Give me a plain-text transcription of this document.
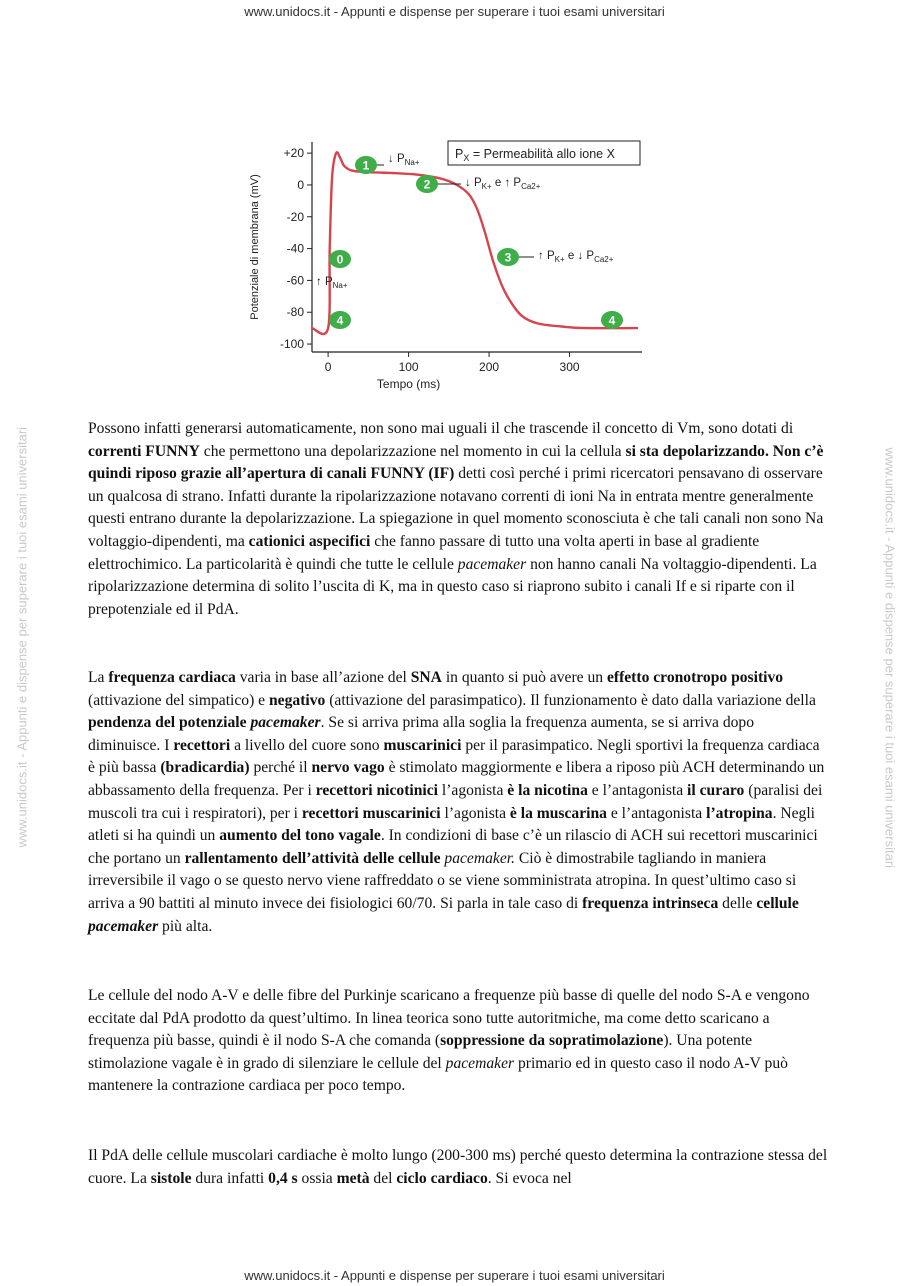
www.unidocs.it - Appunti e dispense per superare i tuoi esami universitari
www.unidocs.it - Appunti e dispense per superare i tuoi esami universitari	www.unidocs.it - Appunti e dispense per superare i tuoi esami universitari
+20
0
-20
-40
-60
-80
-100
0	100	200	300
Potenziale di membrana (mV)
Tempo (ms)
$P_X$ = Permeabilità allo ione X
0
↑ $P_{Na+}$
1 ↓ $P_{Na+}$
2	↓ $P_{K+}$ e ↑ $P_{Ca2+}$
3 ↑ $P_{K+}$ e ↓ $P_{Ca2+}$
4	4

Possono infatti generarsi automaticamente, non sono mai uguali il che trascende il concetto di Vm, sono dotati di correnti FUNNY che permettono una depolarizzazione nel momento in cui la cellula si sta depolarizzando. Non c’è quindi riposo grazie all’apertura di canali FUNNY (IF) detti così perché i primi ricercatori pensavano di osservare un qualcosa di strano. Infatti durante la ripolarizzazione notavano correnti di ioni Na in entrata mentre generalmente questi entrano durante la depolarizzazione. La spiegazione in quel momento sconosciuta è che tali canali non sono Na voltaggio-dipendenti, ma cationici aspecifici che fanno passare di tutto una volta aperti in base al gradiente elettrochimico. La particolarità è quindi che tutte le cellule pacemaker non hanno canali Na voltaggio-dipendenti. La ripolarizzazione determina di solito l’uscita di K, ma in questo caso si riaprono subito i canali If e si riparte con il prepotenziale ed il PdA.

La frequenza cardiaca varia in base all’azione del SNA in quanto si può avere un effetto cronotropo positivo (attivazione del simpatico) e negativo (attivazione del parasimpatico). Il funzionamento è dato dalla variazione della pendenza del potenziale pacemaker. Se si arriva prima alla soglia la frequenza aumenta, se si arriva dopo diminuisce. I recettori a livello del cuore sono muscarinici per il parasimpatico. Negli sportivi la frequenza cardiaca è più bassa (bradicardia) perché il nervo vago è stimolato maggiormente e libera a riposo più ACH determinando un abbassamento della frequenza. Per i recettori nicotinici l’agonista è la nicotina e l’antagonista il curaro (paralisi dei muscoli tra cui i respiratori), per i recettori muscarinici l’agonista è la muscarina e l’antagonista l’atropina. Negli atleti si ha quindi un aumento del tono vagale. In condizioni di base c’è un rilascio di ACH sui recettori muscarinici che portano un rallentamento dell’attività delle cellule pacemaker. Ciò è dimostrabile tagliando in maniera irreversibile il vago o se questo nervo viene raffreddato o se viene somministrata atropina. In quest’ultimo caso si arriva a 90 battiti al minuto invece dei fisiologici 60/70. Si parla in tale caso di frequenza intrinseca delle cellule pacemaker più alta.

Le cellule del nodo A-V e delle fibre del Purkinje scaricano a frequenze più basse di quelle del nodo S-A e vengono eccitate dal PdA prodotto da quest’ultimo. In linea teorica sono tutte autoritmiche, ma come detto scaricano a frequenza più basse, quindi è il nodo S-A che comanda (soppressione da sopratimolazione). Una potente stimolazione vagale è in grado di silenziare le cellule del pacemaker primario ed in questo caso il nodo A-V può mantenere la contrazione cardiaca per poco tempo.

Il PdA delle cellule muscolari cardiache è molto lungo (200-300 ms) perché questo determina la contrazione stessa del cuore. La sistole dura infatti 0,4 s ossia metà del ciclo cardiaco. Si evoca nel

www.unidocs.it - Appunti e dispense per superare i tuoi esami universitari
